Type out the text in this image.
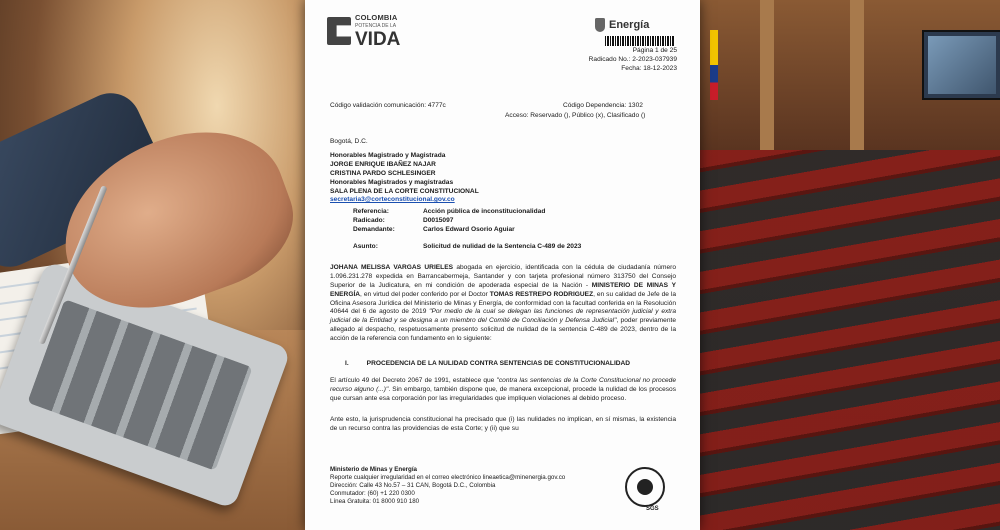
COLOMBIA
POTENCIA DE LA
VIDA
Energía
Página 1 de 25
Radicado No.: 2-2023-037939
Fecha: 18-12-2023
Código validación comunicación: 4777c	Código Dependencia: 1302
Acceso: Reservado (), Público (x), Clasificado ()
Bogotá, D.C.
Honorables Magistrado y Magistrada
JORGE ENRIQUE IBAÑEZ NAJAR
CRISTINA PARDO SCHLESINGER
Honorables Magistrados y magistradas
SALA PLENA DE LA CORTE CONSTITUCIONAL
secretaria3@corteconstitucional.gov.co
Referencia:	Acción pública de inconstitucionalidad
Radicado:	D0015097
Demandante:	Carlos Edward Osorio Aguiar
Asunto:	Solicitud de nulidad de la Sentencia C-489 de 2023
JOHANA MELISSA VARGAS URIELES abogada en ejercicio, identificada con la cédula de ciudadanía número 1.096.231.278 expedida en Barrancabermeja, Santander y con tarjeta profesional número 313750 del Consejo Superior de la Judicatura, en mi condición de apoderada especial de la Nación - MINISTERIO DE MINAS Y ENERGÍA, en virtud del poder conferido por el Doctor TOMAS RESTREPO RODRIGUEZ, en su calidad de Jefe de la Oficina Asesora Jurídica del Ministerio de Minas y Energía, de conformidad con la facultad conferida en la Resolución 40644 del 6 de agosto de 2019 "Por medio de la cual se delegan las funciones de representación judicial y extra judicial de la Entidad y se designa a un miembro del Comité de Conciliación y Defensa Judicial", poder previamente allegado al despacho, respetuosamente presento solicitud de nulidad de la sentencia C-489 de 2023, dentro de la acción de la referencia con fundamento en lo siguiente:
I.	PROCEDENCIA DE LA NULIDAD CONTRA SENTENCIAS DE CONSTITUCIONALIDAD
El artículo 49 del Decreto 2067 de 1991, establece que "contra las sentencias de la Corte Constitucional no procede recurso alguno (...)". Sin embargo, también dispone que, de manera excepcional, procede la nulidad de los procesos que cursan ante esa corporación por las irregularidades que impliquen violaciones al debido proceso.
Ante esto, la jurisprudencia constitucional ha precisado que (i) las nulidades no implican, en sí mismas, la existencia de un recurso contra las providencias de esta Corte; y (ii) que su
Ministerio de Minas y Energía
Reporte cualquier irregularidad en el correo electrónico lineaetica@minenergia.gov.co
Dirección: Calle 43 No.57 – 31 CAN, Bogotá D.C., Colombia
Conmutador: (60) +1 220 0300
Línea Gratuita: 01 8000 910 180
SGS
